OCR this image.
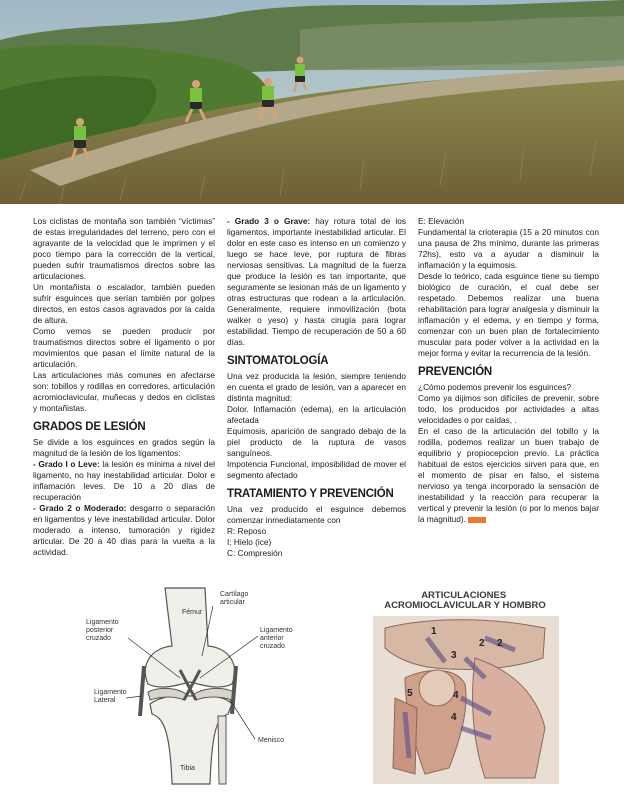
Los ciclistas de montaña son también “víctimas” de estas irregularidades del terreno, pero con el agravante de la velocidad que le imprimen y el poco tiempo para la corrección de la vertical, pueden sufrir traumatismos directos sobre las articulaciones.

Un montañista o escalador, también pueden sufrir esguinces que serían también por golpes directos, en estos casos agravados por la caída de altura.

Como vemos se pueden producir por traumatismos directos sobre el ligamento o por movimientos que pasan el límite natural de la articulación.

Las articulaciones más comunes en afectarse son: tobillos y rodillas en corredores, articulación acromioclavicular, muñecas y dedos en ciclistas y montañistas.

GRADOS DE LESIÓN

Se divide a los esguinces en grados según la magnitud de la lesión de los ligamentos:

- Grado I o Leve: la lesión es mínima a nivel del ligamento, no hay inestabilidad articular. Dolor e inflamación leves. De 10 a 20 días de recuperación

- Grado 2 o Moderado: desgarro o separación en ligamentos y leve inestabilidad articular. Dolor moderado a intenso, tumoración y rigidez articular. De 20 a 40 días para la vuelta a la actividad.

- Grado 3 o Grave: hay rotura total de los ligamentos, importante inestabilidad articular. El dolor en este caso es intenso en un comienzo y luego se hace leve, por ruptura de fibras nerviosas sensitivas. La magnitud de la fuerza que produce la lesión es tan importante, que seguramente se lesionan más de un ligamento y otras estructuras que rodean a la articulación. Generalmente, requiere inmovilización (bota walker o yeso) y hasta cirugía para lograr estabilidad. Tiempo de recuperación de 50 a 60 días.

SINTOMATOLOGÍA

Una vez producida la lesión, siempre teniendo en cuenta el grado de lesión, van a aparecer en distinta magnitud:

Dolor. Inflamación (edema), en la articulación afectada

Equimosis, aparición de sangrado debajo de la piel producto de la ruptura de vasos sanguíneos.

Impotencia Funcional, imposibilidad de mover el segmento afectado

TRATAMIENTO Y PREVENCIÓN

Una vez producido el esguince debemos comenzar inmediatamente con

R: Reposo

I: Hielo (ice)

C: Compresión

E: Elevación

Fundamental la crioterapia (15 a 20 minutos con una pausa de 2hs mínimo, durante las primeras 72hs), esto va a ayudar a disminuir la inflamación y la equimosis.

Desde lo teórico, cada esguince tiene su tiempo biológico de curación, el cual debe ser respetado. Debemos realizar una buena rehabilitación para lograr analgesia y disminuir la inflamación y el edema, y en tiempo y forma, comenzar con un buen plan de fortalecimiento muscular para poder volver a la actividad en la mejor forma y evitar la recurrencia de la lesión.

PREVENCIÓN

¿Cómo podemos prevenir los esguinces?

Como ya dijimos son difíciles de prevenir, sobre todo, los producidos por actividades a altas velocidades o por caídas, .

En el caso de la articulación del tobillo y la rodilla, podemos realizar un buen trabajo de equilibrio y propiocepcion previo. La práctica habitual de estos ejercicios sirven para que, en el momento de pisar en falso, el sistema nervioso ya tenga incorporado la sensación de inestabilidad y la reacción para recuperar la vertical y prevenir la lesión (o por lo menos bajar la magnitud).

Cartílago articular
Fémur
Ligamento posterior cruzado
Ligamento anterior cruzado
Ligamento Lateral
Menisco
Tibia
ARTICULACIONES ACROMIOCLAVICULAR Y HOMBRO
1
2 2
3
4
4
5
